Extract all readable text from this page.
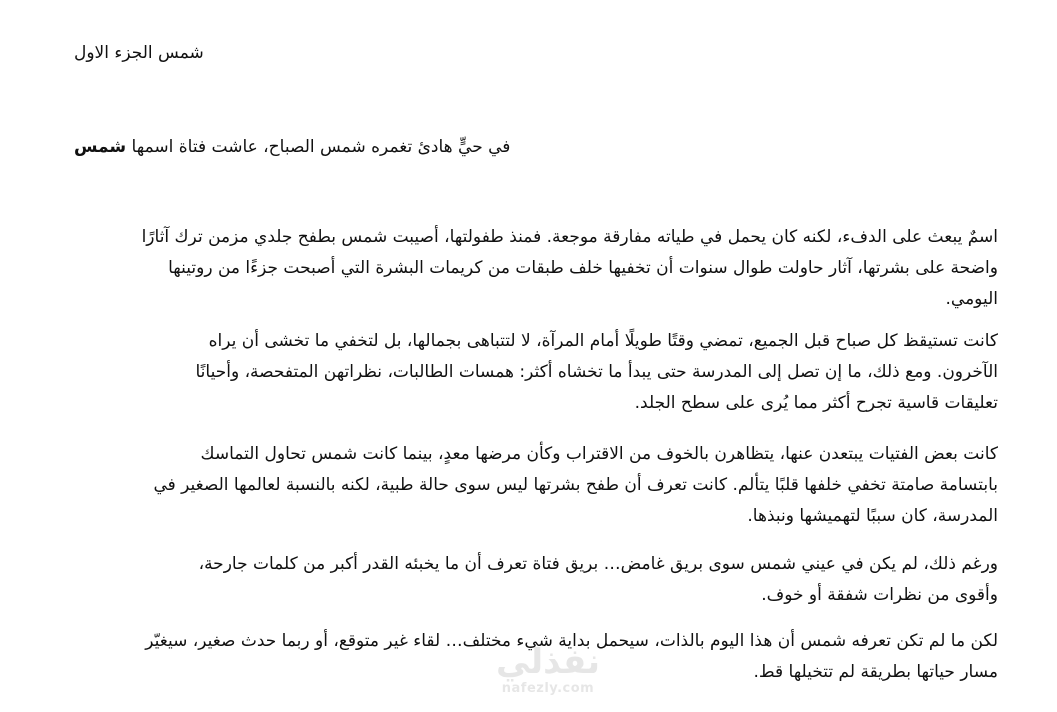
شمس الجزء الاول
في حيٍّ هادئ تغمره شمس الصباح، عاشت فتاة اسمها شمس
اسمٌ يبعث على الدفء، لكنه كان يحمل في طياته مفارقة موجعة. فمنذ طفولتها، أصيبت شمس بطفح جلدي مزمن ترك آثارًا
واضحة على بشرتها، آثار حاولت طوال سنوات أن تخفيها خلف طبقات من كريمات البشرة التي أصبحت جزءًا من روتينها
اليومي.
كانت تستيقظ كل صباح قبل الجميع، تمضي وقتًا طويلًا أمام المرآة، لا لتتباهى بجمالها، بل لتخفي ما تخشى أن يراه
الآخرون. ومع ذلك، ما إن تصل إلى المدرسة حتى يبدأ ما تخشاه أكثر: همسات الطالبات، نظراتهن المتفحصة، وأحيانًا
تعليقات قاسية تجرح أكثر مما يُرى على سطح الجلد.
كانت بعض الفتيات يبتعدن عنها، يتظاهرن بالخوف من الاقتراب وكأن مرضها معدٍ، بينما كانت شمس تحاول التماسك
بابتسامة صامتة تخفي خلفها قلبًا يتألم. كانت تعرف أن طفح بشرتها ليس سوى حالة طبية، لكنه بالنسبة لعالمها الصغير في
المدرسة، كان سببًا لتهميشها ونبذها.
ورغم ذلك، لم يكن في عيني شمس سوى بريق غامض… بريق فتاة تعرف أن ما يخبئه القدر أكبر من كلمات جارحة،
وأقوى من نظرات شفقة أو خوف.
لكن ما لم تكن تعرفه شمس أن هذا اليوم بالذات، سيحمل بداية شيء مختلف… لقاء غير متوقع، أو ربما حدث صغير، سيغيّر
مسار حياتها بطريقة لم تتخيلها قط.
نفذلي
nafezly.com
